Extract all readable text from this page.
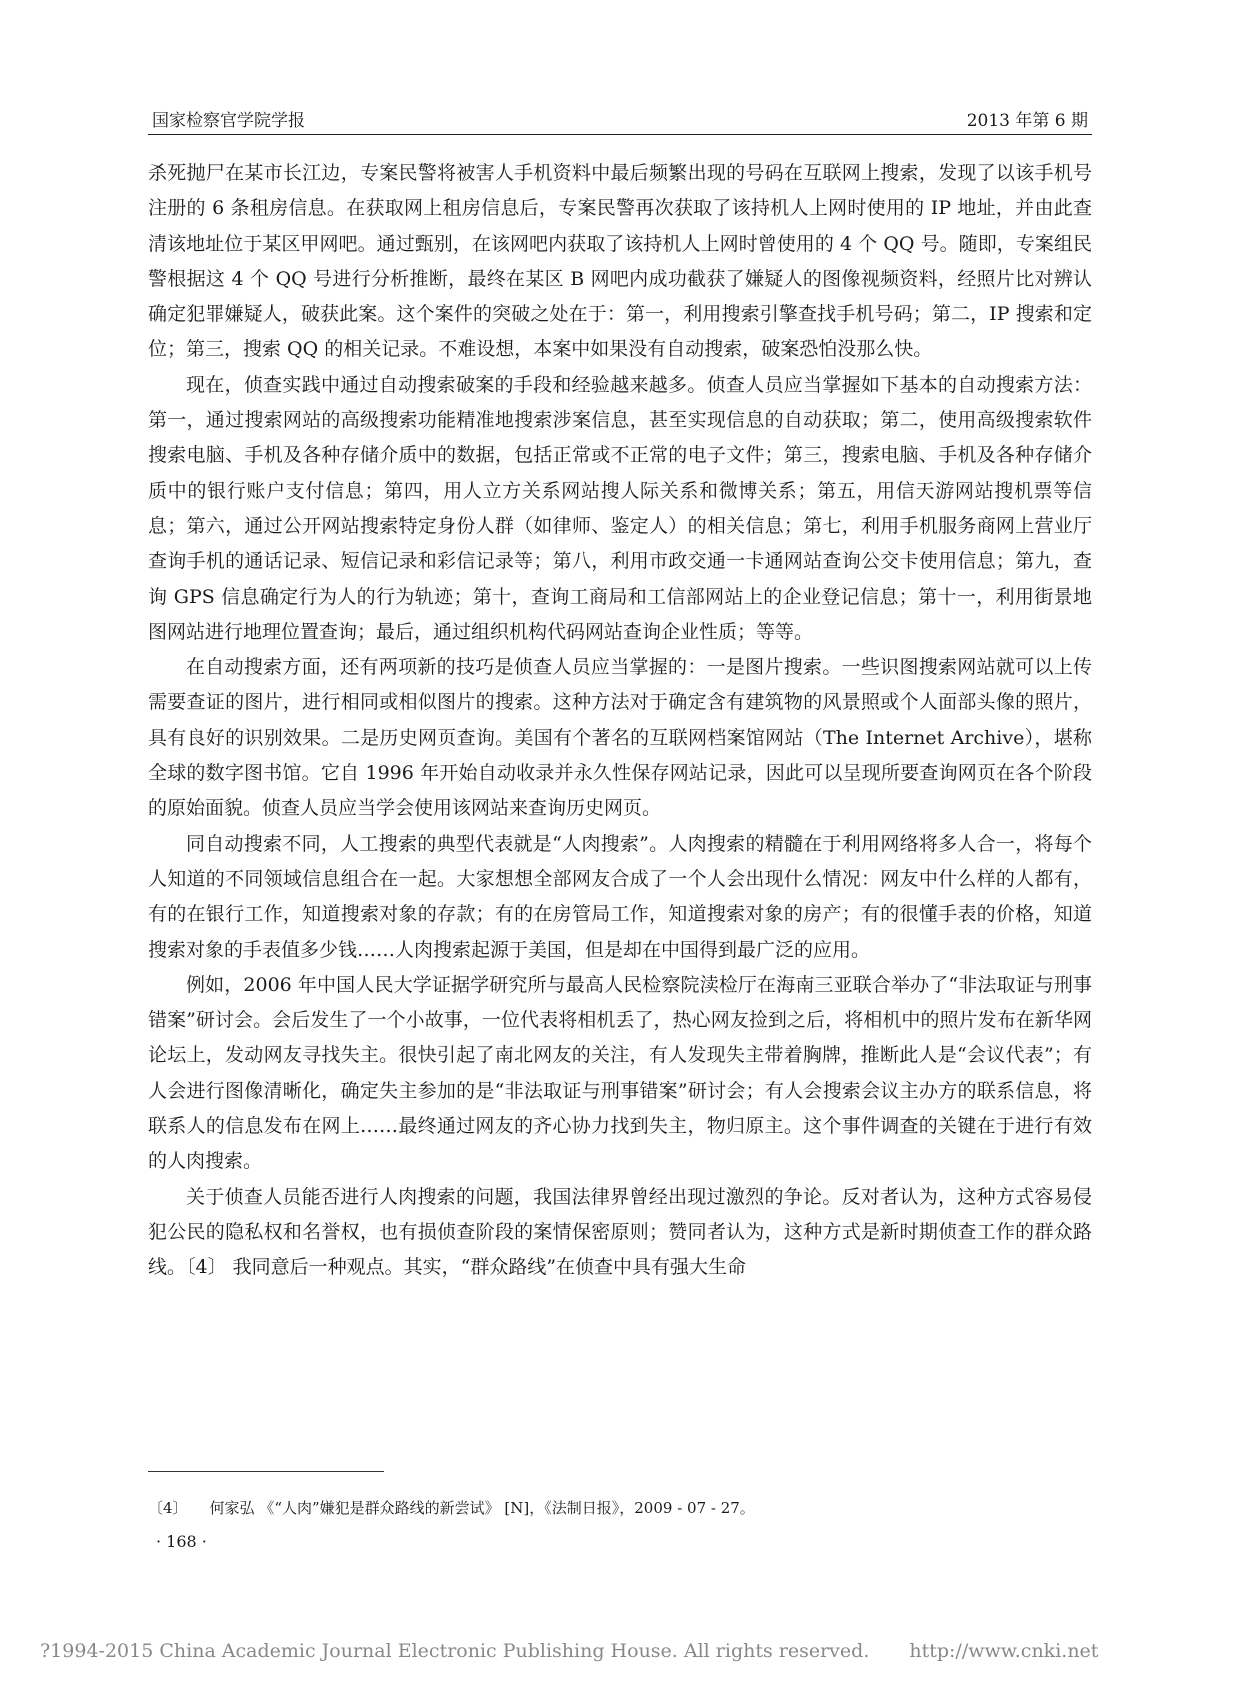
国家检察官学院学报	2013 年第 6 期

杀死抛尸在某市长江边，专案民警将被害人手机资料中最后频繁出现的号码在互联网上搜索，发现了以该手机号注册的 6 条租房信息。在获取网上租房信息后，专案民警再次获取了该持机人上网时使用的 IP 地址，并由此查清该地址位于某区甲网吧。通过甄别，在该网吧内获取了该持机人上网时曾使用的 4 个 QQ 号。随即，专案组民警根据这 4 个 QQ 号进行分析推断，最终在某区 B 网吧内成功截获了嫌疑人的图像视频资料，经照片比对辨认确定犯罪嫌疑人，破获此案。这个案件的突破之处在于：第一，利用搜索引擎查找手机号码；第二，IP 搜索和定位；第三，搜索 QQ 的相关记录。不难设想，本案中如果没有自动搜索，破案恐怕没那么快。

现在，侦查实践中通过自动搜索破案的手段和经验越来越多。侦查人员应当掌握如下基本的自动搜索方法：第一，通过搜索网站的高级搜索功能精准地搜索涉案信息，甚至实现信息的自动获取；第二，使用高级搜索软件搜索电脑、手机及各种存储介质中的数据，包括正常或不正常的电子文件；第三，搜索电脑、手机及各种存储介质中的银行账户支付信息；第四，用人立方关系网站搜人际关系和微博关系；第五，用信天游网站搜机票等信息；第六，通过公开网站搜索特定身份人群（如律师、鉴定人）的相关信息；第七，利用手机服务商网上营业厅查询手机的通话记录、短信记录和彩信记录等；第八，利用市政交通一卡通网站查询公交卡使用信息；第九，查询 GPS 信息确定行为人的行为轨迹；第十，查询工商局和工信部网站上的企业登记信息；第十一，利用街景地图网站进行地理位置查询；最后，通过组织机构代码网站查询企业性质；等等。

在自动搜索方面，还有两项新的技巧是侦查人员应当掌握的：一是图片搜索。一些识图搜索网站就可以上传需要查证的图片，进行相同或相似图片的搜索。这种方法对于确定含有建筑物的风景照或个人面部头像的照片，具有良好的识别效果。二是历史网页查询。美国有个著名的互联网档案馆网站（The Internet Archive），堪称全球的数字图书馆。它自 1996 年开始自动收录并永久性保存网站记录，因此可以呈现所要查询网页在各个阶段的原始面貌。侦查人员应当学会使用该网站来查询历史网页。

同自动搜索不同，人工搜索的典型代表就是“人肉搜索”。人肉搜索的精髓在于利用网络将多人合一，将每个人知道的不同领域信息组合在一起。大家想想全部网友合成了一个人会出现什么情况：网友中什么样的人都有，有的在银行工作，知道搜索对象的存款；有的在房管局工作，知道搜索对象的房产；有的很懂手表的价格，知道搜索对象的手表值多少钱……人肉搜索起源于美国，但是却在中国得到最广泛的应用。

例如，2006 年中国人民大学证据学研究所与最高人民检察院渎检厅在海南三亚联合举办了“非法取证与刑事错案”研讨会。会后发生了一个小故事，一位代表将相机丢了，热心网友捡到之后，将相机中的照片发布在新华网论坛上，发动网友寻找失主。很快引起了南北网友的关注，有人发现失主带着胸牌，推断此人是“会议代表”；有人会进行图像清晰化，确定失主参加的是“非法取证与刑事错案”研讨会；有人会搜索会议主办方的联系信息，将联系人的信息发布在网上……最终通过网友的齐心协力找到失主，物归原主。这个事件调查的关键在于进行有效的人肉搜索。

关于侦查人员能否进行人肉搜索的问题，我国法律界曾经出现过激烈的争论。反对者认为，这种方式容易侵犯公民的隐私权和名誉权，也有损侦查阶段的案情保密原则；赞同者认为，这种方式是新时期侦查工作的群众路线。〔4〕 我同意后一种观点。其实，“群众路线”在侦查中具有强大生命

〔4〕 何家弘 《“人肉”嫌犯是群众路线的新尝试》 [N]，《法制日报》，2009 - 07 - 27。
· 168 ·
?1994-2015 China Academic Journal Electronic Publishing House. All rights reserved. http://www.cnki.net
